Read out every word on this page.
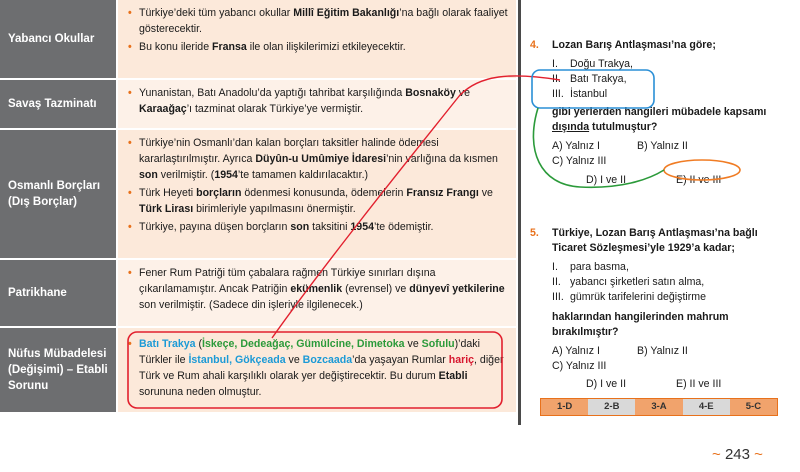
Yabancı Okullar
• Türkiye’deki tüm yabancı okullar Millî Eğitim Bakanlığı’na bağlı olarak faaliyet gösterecektir.
• Bu konu ileride Fransa ile olan ilişkilerimizi etkileyecektir.
Savaş Tazminatı
• Yunanistan, Batı Anadolu’da yaptığı tahribat karşılığında Bosnaköy ve Karaağaç’ı tazminat olarak Türkiye’ye vermiştir.
Osmanlı Borçları (Dış Borçlar)
• Türkiye’nin Osmanlı’dan kalan borçları taksitler halinde ödemesi kararlaştırılmıştır. Ayrıca Düyûn-u Umûmiye İdaresi’nin varlığına da kısmen son verilmiştir. (1954’te tamamen kaldırılacaktır.)
• Türk Heyeti borçların ödenmesi konusunda, ödemelerin Fransız Frangı ve Türk Lirası birimleriyle yapılmasını önermiştir.
• Türkiye, payına düşen borçların son taksitini 1954’te ödemiştir.
Patrikhane
• Fener Rum Patriği tüm çabalara rağmen Türkiye sınırları dışına çıkarılamamıştır. Ancak Patriğin ekümenlik (evrensel) ve dünyevî yetkilerine son verilmiştir. (Sadece din işleriyle ilgilenecek.)
Nüfus Mübadelesi (Değişimi) – Etabli Sorunu
• Batı Trakya (İskeçe, Dedeağaç, Gümülcine, Dimetoka ve Sofulu)’daki Türkler ile İstanbul, Gökçeada ve Bozcaada’da yaşayan Rumlar hariç, diğer Türk ve Rum ahali karşılıklı olarak yer değiştirecektir. Bu durum Etabli sorununa neden olmuştur.
4.	Lozan Barış Antlaşması’na göre;
I. Doğu Trakya,
II. Batı Trakya,
III. İstanbul
gibi yerlerden hangileri mübadele kapsamı dışında tutulmuştur?
A) Yalnız I	B) Yalnız II
C) Yalnız III
D) I ve II	E) II ve III
5.	Türkiye, Lozan Barış Antlaşması’na bağlı Ticaret Sözleşmesi’yle 1929’a kadar;
I. para basma,
II. yabancı şirketleri satın alma,
III. gümrük tarifelerini değiştirme
haklarından hangilerinden mahrum bırakılmıştır?
A) Yalnız I	B) Yalnız II
C) Yalnız III
D) I ve II	E) II ve III
1-D	2-B	3-A	4-E	5-C
~ 243 ~
